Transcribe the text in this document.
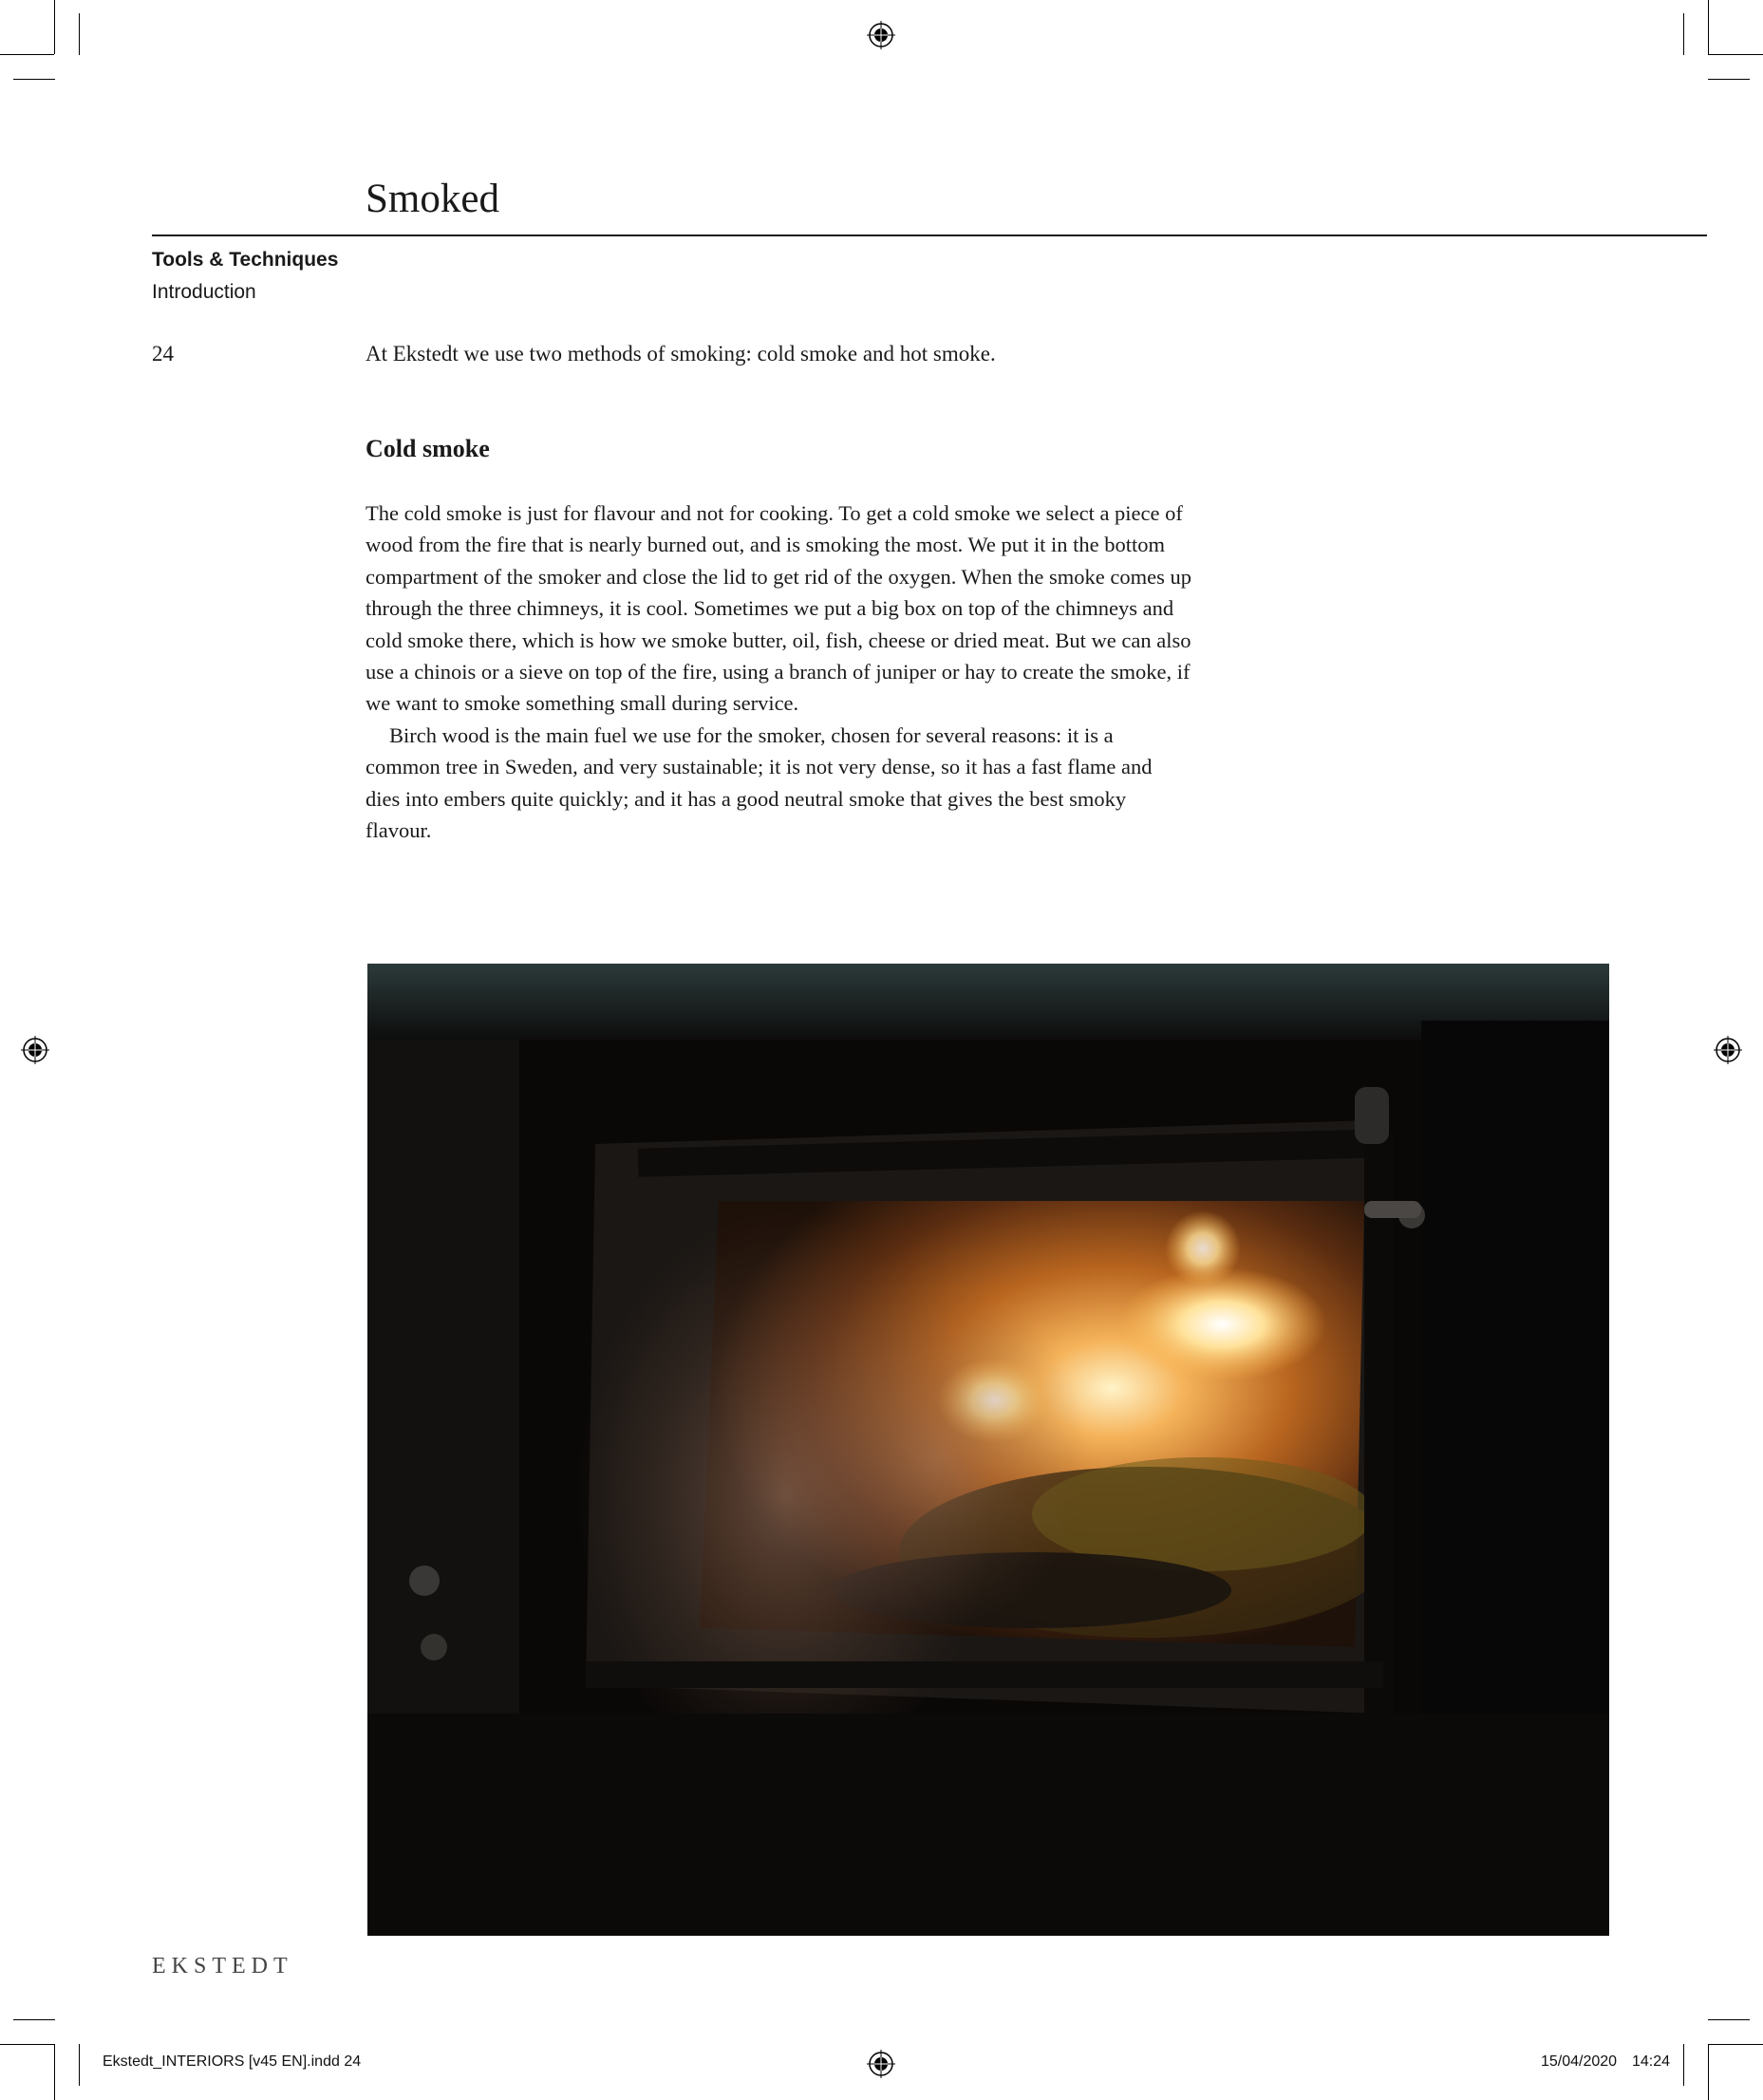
Smoked
Tools & Techniques
Introduction
24	At Ekstedt we use two methods of smoking: cold smoke and hot smoke.
Cold smoke

The cold smoke is just for flavour and not for cooking. To get a cold smoke we select a piece of wood from the fire that is nearly burned out, and is smoking the most. We put it in the bottom compartment of the smoker and close the lid to get rid of the oxygen. When the smoke comes up through the three chimneys, it is cool. Sometimes we put a big box on top of the chimneys and cold smoke there, which is how we smoke butter, oil, fish, cheese or dried meat. But we can also use a chinois or a sieve on top of the fire, using a branch of juniper or hay to create the smoke, if we want to smoke something small during service.

Birch wood is the main fuel we use for the smoker, chosen for several reasons: it is a common tree in Sweden, and very sustainable; it is not very dense, so it has a fast flame and dies into embers quite quickly; and it has a good neutral smoke that gives the best smoky flavour.

EKSTEDT
Ekstedt_INTERIORS [v45 EN].indd 24	15/04/2020 14:24
